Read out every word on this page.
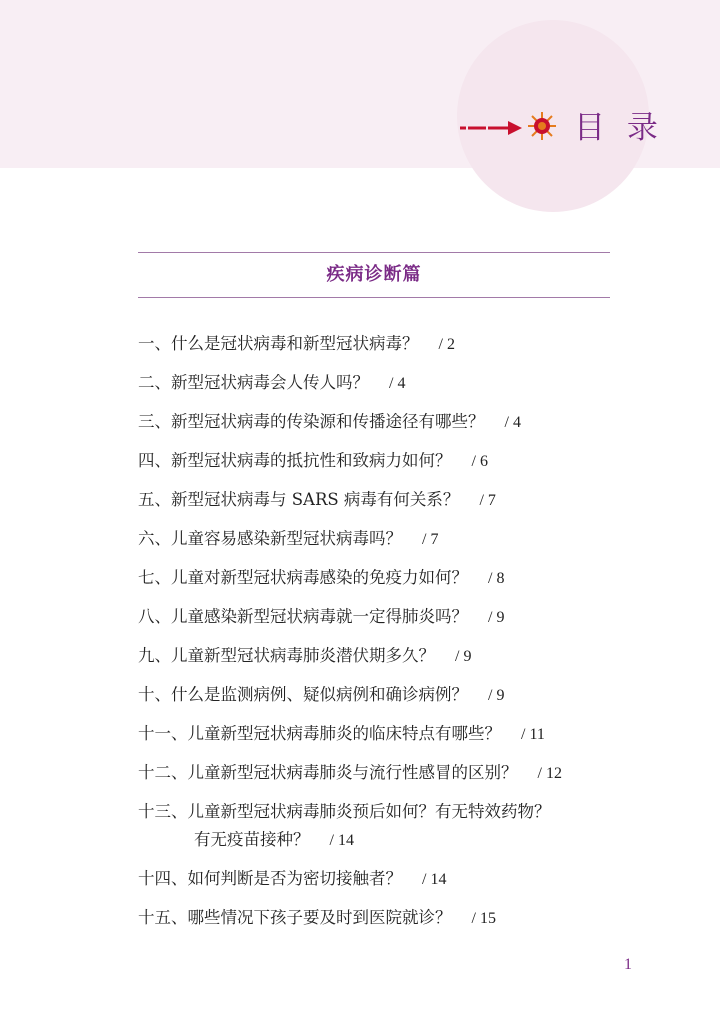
目 录
疾病诊断篇
一、什么是冠状病毒和新型冠状病毒？ / 2
二、新型冠状病毒会人传人吗？ / 4
三、新型冠状病毒的传染源和传播途径有哪些？ / 4
四、新型冠状病毒的抵抗性和致病力如何？ / 6
五、新型冠状病毒与 SARS 病毒有何关系？ / 7
六、儿童容易感染新型冠状病毒吗？ / 7
七、儿童对新型冠状病毒感染的免疫力如何？ / 8
八、儿童感染新型冠状病毒就一定得肺炎吗？ / 9
九、儿童新型冠状病毒肺炎潜伏期多久？ / 9
十、什么是监测病例、疑似病例和确诊病例？ / 9
十一、儿童新型冠状病毒肺炎的临床特点有哪些？ / 11
十二、儿童新型冠状病毒肺炎与流行性感冒的区别？ / 12
十三、儿童新型冠状病毒肺炎预后如何？有无特效药物？
有无疫苗接种？ / 14
十四、如何判断是否为密切接触者？ / 14
十五、哪些情况下孩子要及时到医院就诊？ / 15
1
